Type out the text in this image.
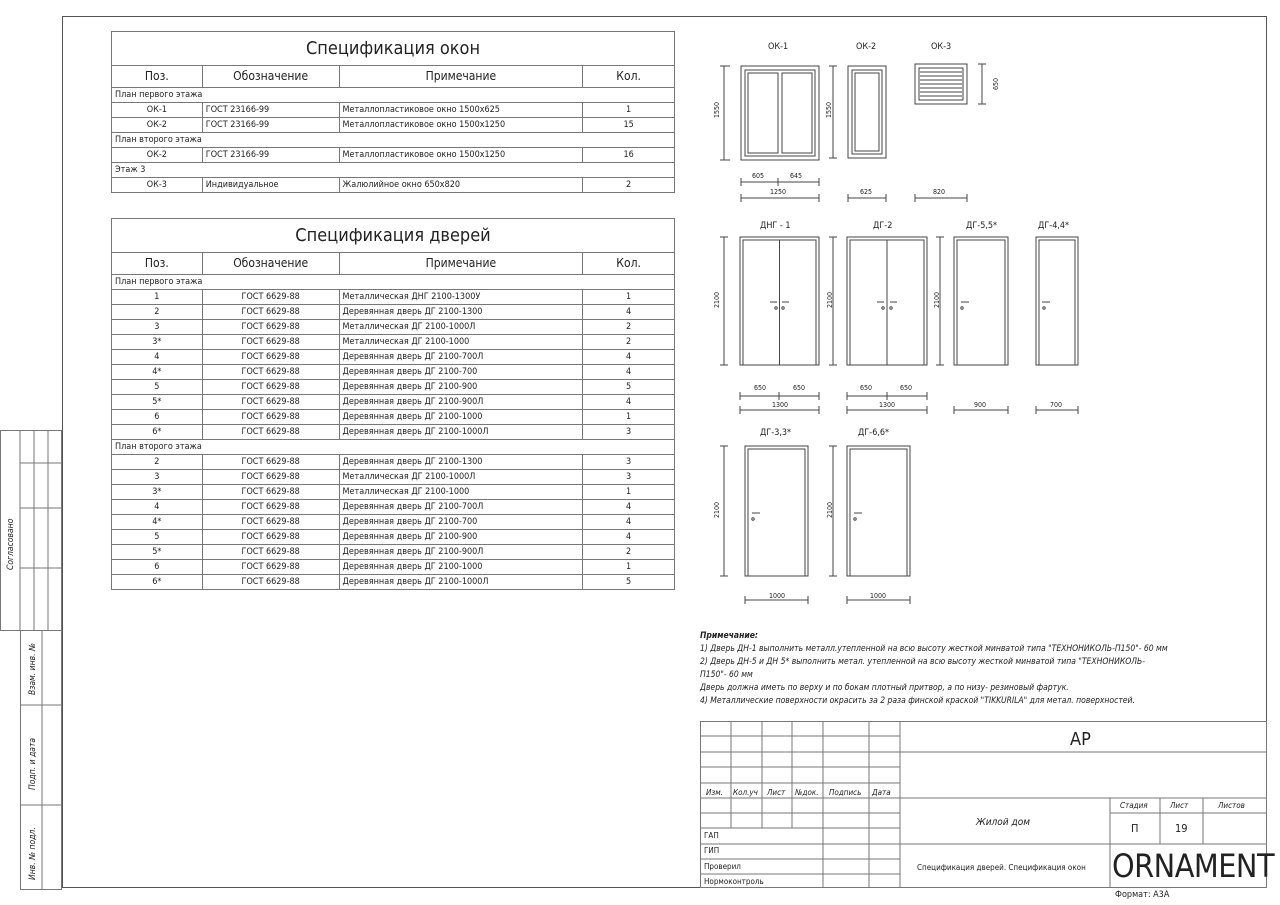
Согласовано
Взам. инв. №
Подп. и дата
Инв. № подл.
Спецификация окон			
Поз.	Обозначение	Примечание	Кол.
План первого этажа			
ОК-1	ГОСТ 23166-99	Металлопластиковое окно 1500х625	1
ОК-2	ГОСТ 23166-99	Металлопластиковое окно 1500х1250	15
План второго этажа			
ОК-2	ГОСТ 23166-99	Металлопластиковое окно 1500х1250	16
Этаж 3			
ОК-3	Индивидуальное	Жалюлийное окно 650х820	2
Спецификация дверей			
Поз.	Обозначение	Примечание	Кол.
План первого этажа			
1	ГОСТ 6629-88	Металлическая ДНГ 2100-1300У	1
2	ГОСТ 6629-88	Деревянная дверь ДГ 2100-1300	4
3	ГОСТ 6629-88	Металлическая ДГ 2100-1000Л	2
3*	ГОСТ 6629-88	Металлическая ДГ 2100-1000	2
4	ГОСТ 6629-88	Деревянная дверь ДГ 2100-700Л	4
4*	ГОСТ 6629-88	Деревянная дверь ДГ 2100-700	4
5	ГОСТ 6629-88	Деревянная дверь ДГ 2100-900	5
5*	ГОСТ 6629-88	Деревянная дверь ДГ 2100-900Л	4
6	ГОСТ 6629-88	Деревянная дверь ДГ 2100-1000	1
6*	ГОСТ 6629-88	Деревянная дверь ДГ 2100-1000Л	3
План второго этажа			
2	ГОСТ 6629-88	Деревянная дверь ДГ 2100-1300	3
3	ГОСТ 6629-88	Металлическая ДГ 2100-1000Л	3
3*	ГОСТ 6629-88	Металлическая ДГ 2100-1000	1
4	ГОСТ 6629-88	Деревянная дверь ДГ 2100-700Л	4
4*	ГОСТ 6629-88	Деревянная дверь ДГ 2100-700	4
5	ГОСТ 6629-88	Деревянная дверь ДГ 2100-900	4
5*	ГОСТ 6629-88	Деревянная дверь ДГ 2100-900Л	2
6	ГОСТ 6629-88	Деревянная дверь ДГ 2100-1000	1
6*	ГОСТ 6629-88	Деревянная дверь ДГ 2100-1000Л	5
ОК-1	ОК-2	ОК-3
1550	1550
650
605	645
1250	625	820
ДНГ - 1	ДГ-2	ДГ-5,5*	ДГ-4,4*
2100	2100	2100
650	650
1300
650	650
1300	900	700
ДГ-3,3*	ДГ-6,6*
2100	2100
1000	1000
Примечание:
1) Дверь ДН-1 выполнить металл.утепленной на всю высоту жесткой минватой типа "ТЕХНОНИКОЛЬ-П150"- 60 мм
2) Дверь ДН-5 и ДН 5* выполнить метал. утепленной на всю высоту жесткой минватой типа "ТЕХНОНИКОЛЬ-
П150"- 60 мм
Дверь должна иметь по верху и по бокам плотный притвор, а по низу- резиновый фартук.
4) Металлические поверхности окрасить за 2 раза финской краской "TIKKURILA" для метал. поверхностей.
АР
Изм. Кол.уч Лист №док. Подпись Дата
ГАП
ГИП
Проверил
Нормоконтроль
Жилой дом
Стадия	Лист	Листов
П	19
Спецификация дверей. Спецификация окон ORNAMENT
Формат: А3А
